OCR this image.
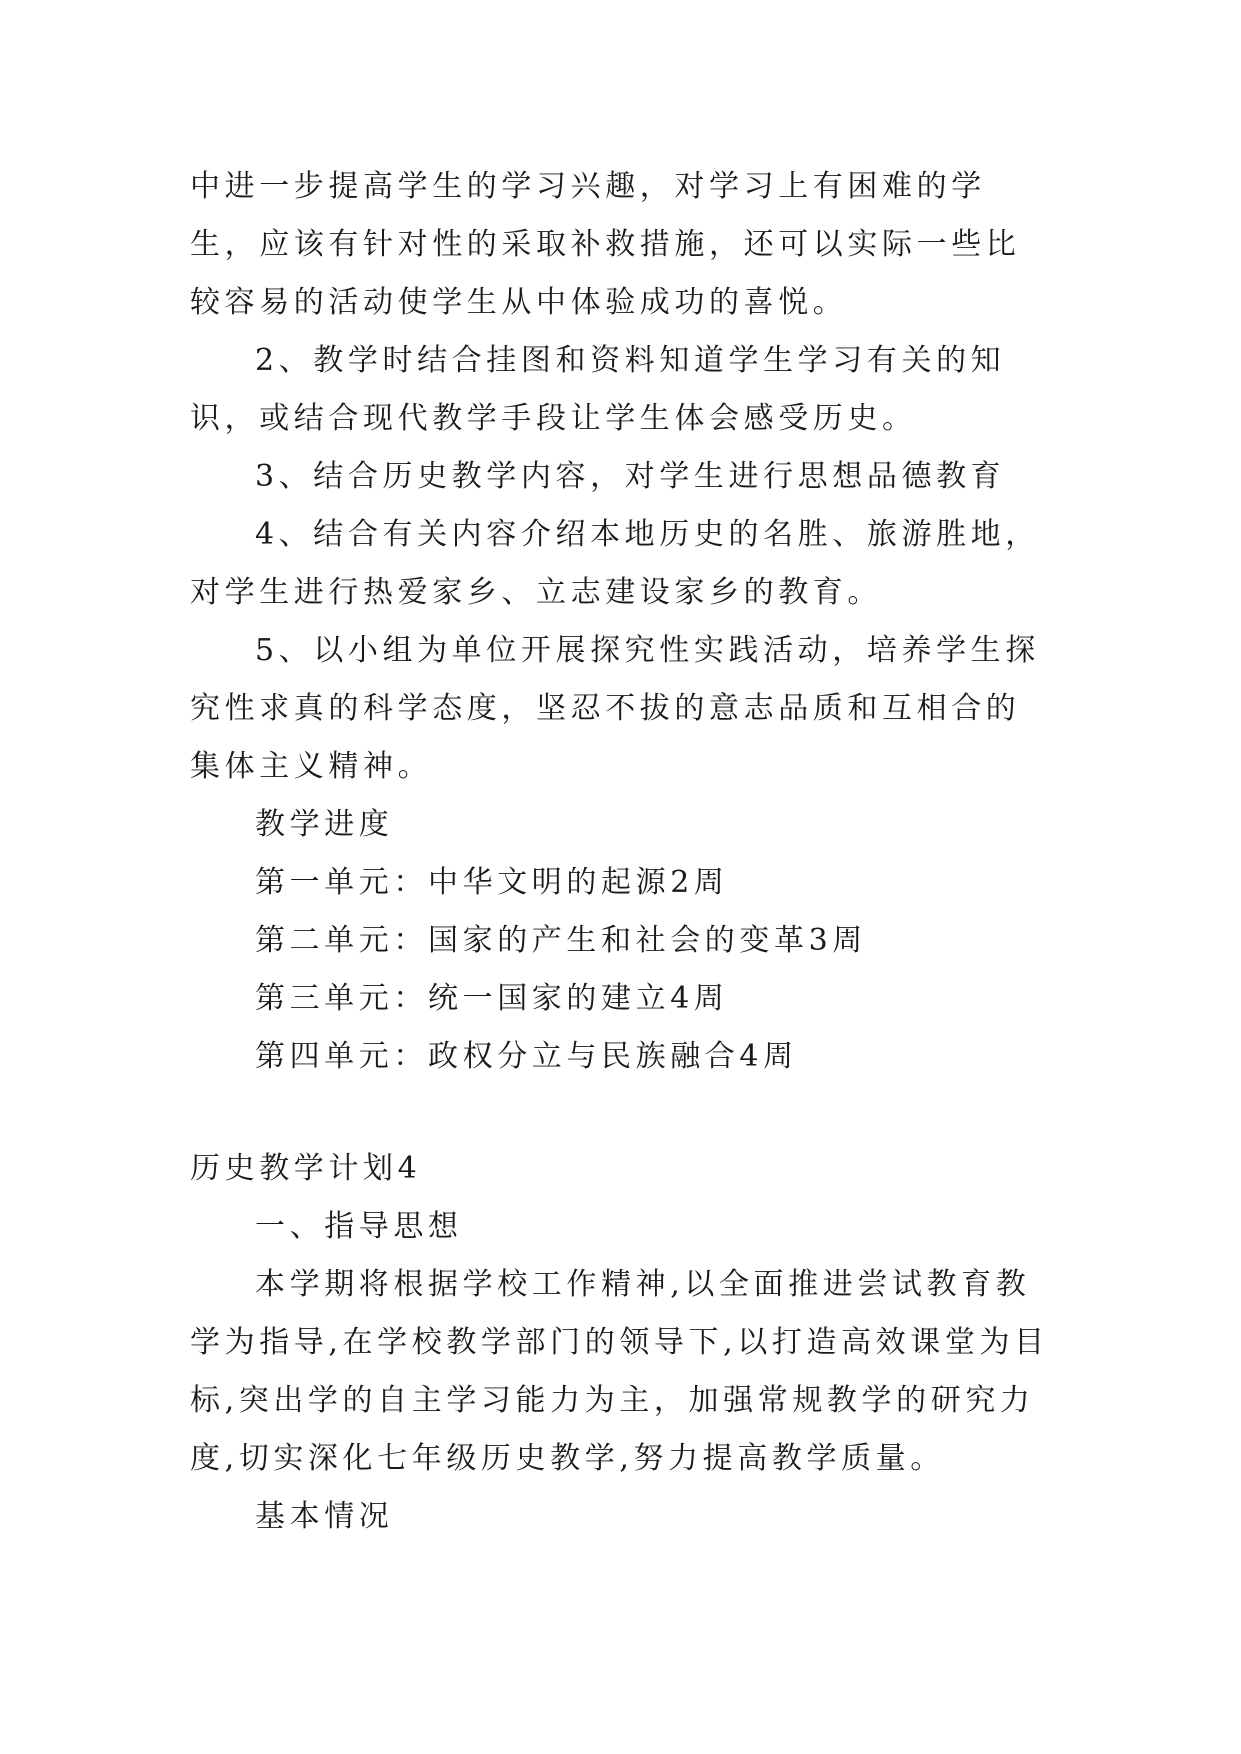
中进一步提高学生的学习兴趣，对学习上有困难的学生，应该有针对性的采取补救措施，还可以实际一些比较容易的活动使学生从中体验成功的喜悦。

2、教学时结合挂图和资料知道学生学习有关的知识，或结合现代教学手段让学生体会感受历史。

3、结合历史教学内容，对学生进行思想品德教育

4、结合有关内容介绍本地历史的名胜、旅游胜地，对学生进行热爱家乡、立志建设家乡的教育。

5、以小组为单位开展探究性实践活动，培养学生探究性求真的科学态度，坚忍不拔的意志品质和互相合的集体主义精神。

教学进度

第一单元：中华文明的起源2周

第二单元：国家的产生和社会的变革3周

第三单元：统一国家的建立4周

第四单元：政权分立与民族融合4周

历史教学计划4

一、指导思想

本学期将根据学校工作精神,以全面推进尝试教育教学为指导,在学校教学部门的领导下,以打造高效课堂为目标,突出学的自主学习能力为主，加强常规教学的研究力度,切实深化七年级历史教学,努力提高教学质量。

基本情况
